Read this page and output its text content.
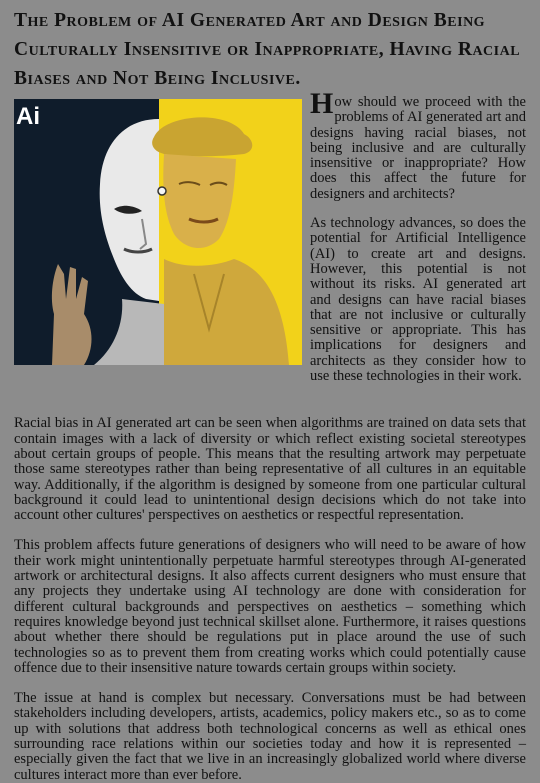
The Problem of AI Generated Art and Design Being Culturally Insensitive or Inappropriate, Having Racial Biases and Not Being Inclusive.
Ai	How should we proceed with the problems of AI generated art and designs having racial biases, not being inclusive and are culturally insensitive or inappropriate? How does this affect the future for designers and architects?

As technology advances, so does the potential for Artificial Intelligence (AI) to create art and designs. However, this potential is not without its risks. AI generated art and designs can have racial biases that are not inclusive or culturally sensitive or appropriate. This has implications for designers and architects as they consider how to use these technologies in their work.

Racial bias in AI generated art can be seen when algorithms are trained on data sets that contain images with a lack of diversity or which reflect existing societal stereotypes about certain groups of people. This means that the resulting artwork may perpetuate those same stereotypes rather than being representative of all cultures in an equitable way. Additionally, if the algorithm is designed by someone from one particular cultural background it could lead to unintentional design decisions which do not take into account other cultures' perspectives on aesthetics or respectful representation.

This problem affects future generations of designers who will need to be aware of how their work might unintentionally perpetuate harmful stereotypes through AI-generated artwork or architectural designs. It also affects current designers who must ensure that any projects they undertake using AI technology are done with consideration for different cultural backgrounds and perspectives on aesthetics – something which requires knowledge beyond just technical skillset alone. Furthermore, it raises questions about whether there should be regulations put in place around the use of such technologies so as to prevent them from creating works which could potentially cause offence due to their insensitive nature towards certain groups within society.

The issue at hand is complex but necessary. Conversations must be had between stakeholders including developers, artists, academics, policy makers etc., so as to come up with solutions that address both technological concerns as well as ethical ones surrounding race relations within our societies today and how it is represented – especially given the fact that we live in an increasingly globalized world where diverse cultures interact more than ever before.
